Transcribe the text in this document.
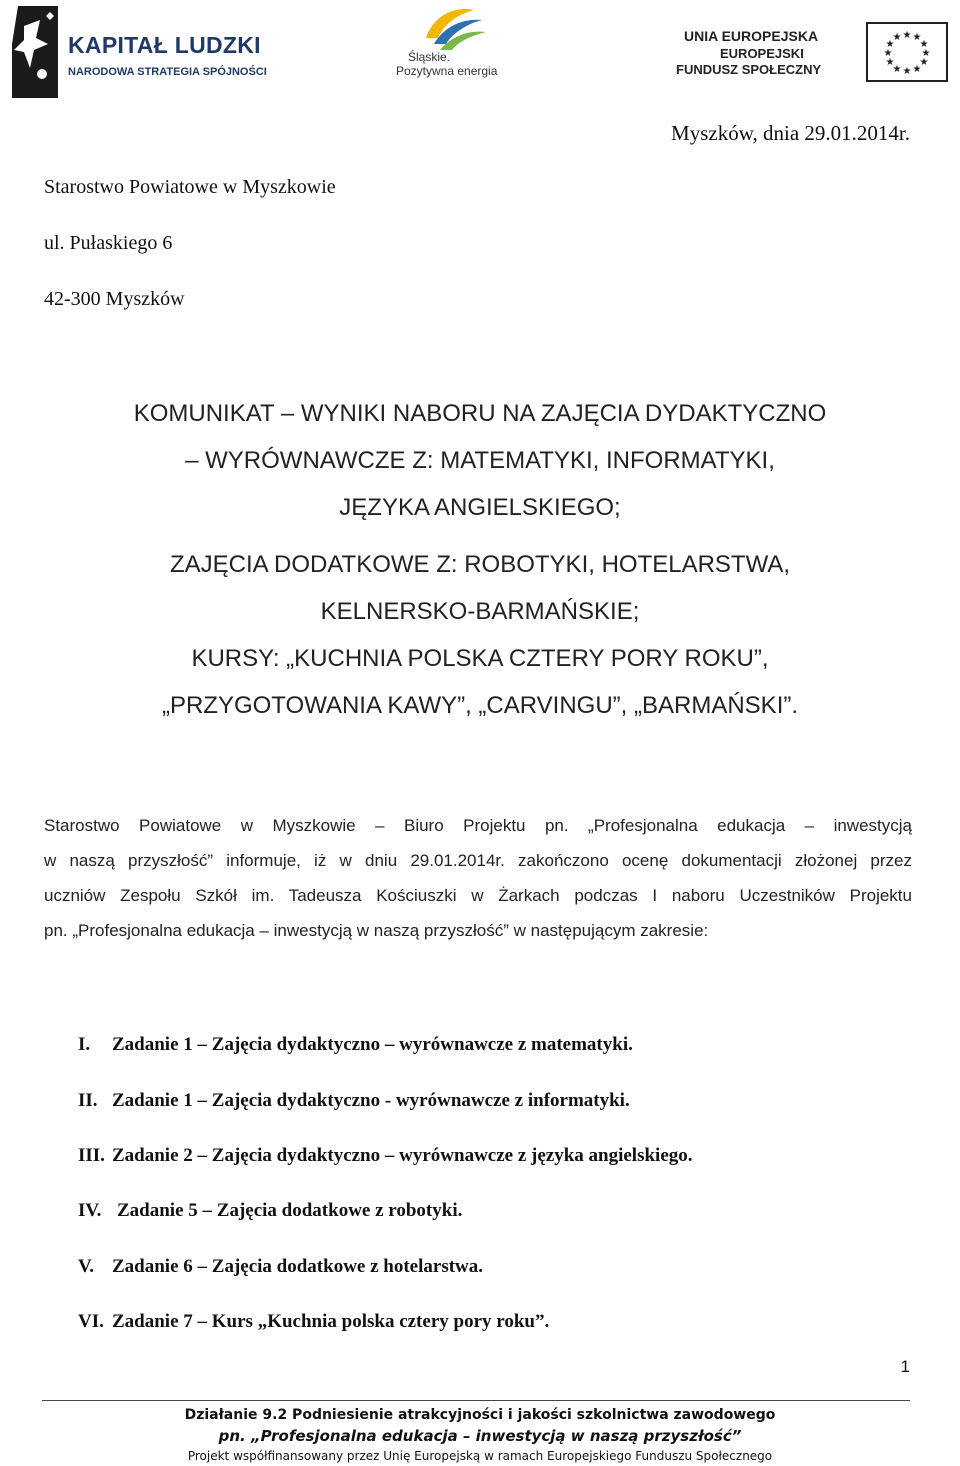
KAPITAŁ LUDZKI
NARODOWA STRATEGIA SPÓJNOŚCI
Śląskie.
Pozytywna energia
UNIA EUROPEJSKA
EUROPEJSKI
FUNDUSZ SPOŁECZNY
★ ★
★
★
★
★
★
★
★
★
★
★
Myszków, dnia 29.01.2014r.
Starostwo Powiatowe w Myszkowie
ul. Pułaskiego 6
42-300 Myszków
KOMUNIKAT – WYNIKI NABORU NA ZAJĘCIA DYDAKTYCZNO
– WYRÓWNAWCZE Z: MATEMATYKI, INFORMATYKI,
JĘZYKA ANGIELSKIEGO;
ZAJĘCIA DODATKOWE Z: ROBOTYKI, HOTELARSTWA,
KELNERSKO-BARMAŃSKIE;
KURSY: „KUCHNIA POLSKA CZTERY PORY ROKU”,
„PRZYGOTOWANIA KAWY”, „CARVINGU”, „BARMAŃSKI”.
Starostwo Powiatowe w Myszkowie – Biuro Projektu pn. „Profesjonalna edukacja – inwestycją
w naszą przyszłość” informuje, iż w dniu 29.01.2014r. zakończono ocenę dokumentacji złożonej przez
uczniów Zespołu Szkół im. Tadeusza Kościuszki w Żarkach podczas I naboru Uczestników Projektu
pn. „Profesjonalna edukacja – inwestycją w naszą przyszłość” w następującym zakresie:
I. Zadanie 1 – Zajęcia dydaktyczno – wyrównawcze z matematyki.
II. Zadanie 1 – Zajęcia dydaktyczno - wyrównawcze z informatyki.
III. Zadanie 2 – Zajęcia dydaktyczno – wyrównawcze z języka angielskiego.
IV. Zadanie 5 – Zajęcia dodatkowe z robotyki.
V. Zadanie 6 – Zajęcia dodatkowe z hotelarstwa.
VI. Zadanie 7 – Kurs „Kuchnia polska cztery pory roku”.
1
Działanie 9.2 Podniesienie atrakcyjności i jakości szkolnictwa zawodowego
pn. „Profesjonalna edukacja – inwestycją w naszą przyszłość”
Projekt współfinansowany przez Unię Europejską w ramach Europejskiego Funduszu Społecznego
